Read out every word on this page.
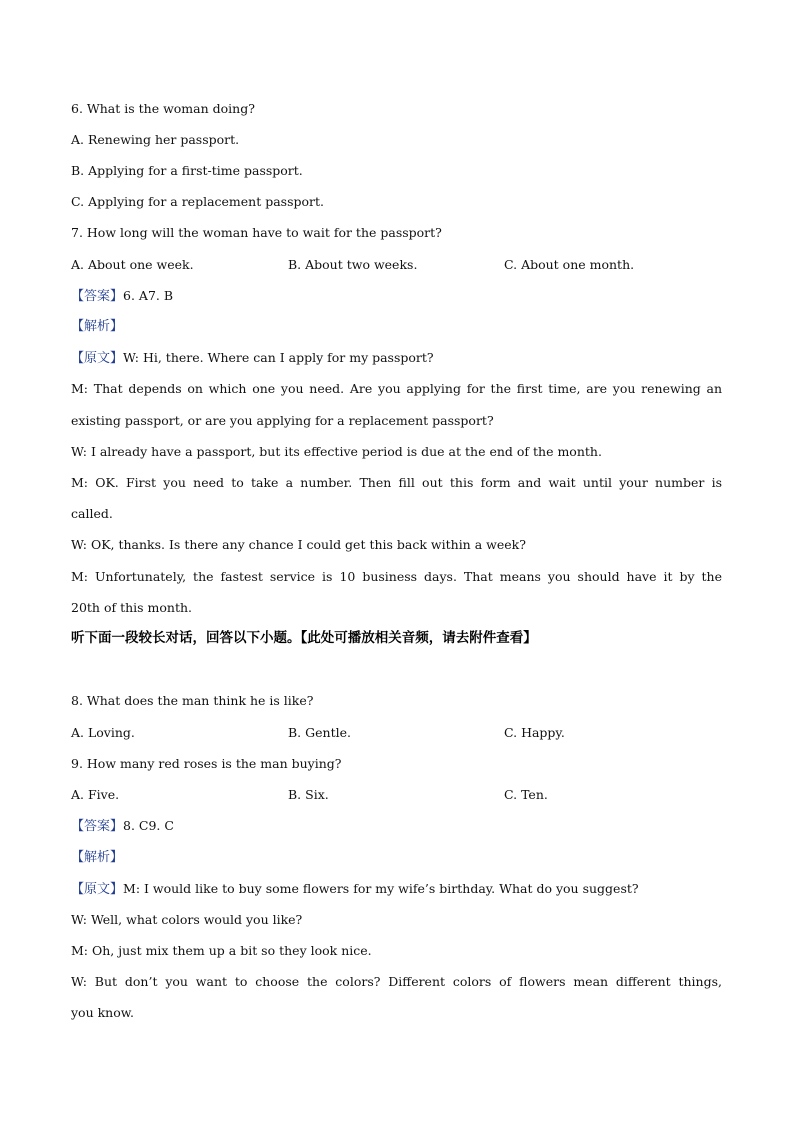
6. What is the woman doing?
A. Renewing her passport.
B. Applying for a first-time passport.
C. Applying for a replacement passport.
7. How long will the woman have to wait for the passport?
A. About one week.	B. About two weeks.	C. About one month.
【答案】6. A7. B
【解析】
【原文】W: Hi, there. Where can I apply for my passport?
M: That depends on which one you need. Are you applying for the first time, are you renewing an
existing passport, or are you applying for a replacement passport?
W: I already have a passport, but its effective period is due at the end of the month.
M: OK. First you need to take a number. Then fill out this form and wait until your number is
called.
W: OK, thanks. Is there any chance I could get this back within a week?
M: Unfortunately, the fastest service is 10 business days. That means you should have it by the
20th of this month.
听下面一段较长对话，回答以下小题。【此处可播放相关音频，请去附件查看】
8. What does the man think he is like?
A. Loving.	B. Gentle.	C. Happy.
9. How many red roses is the man buying?
A. Five.	B. Six.	C. Ten.
【答案】8. C9. C
【解析】
【原文】M: I would like to buy some flowers for my wife’s birthday. What do you suggest?
W: Well, what colors would you like?
M: Oh, just mix them up a bit so they look nice.
W: But don’t you want to choose the colors? Different colors of flowers mean different things,
you know.
